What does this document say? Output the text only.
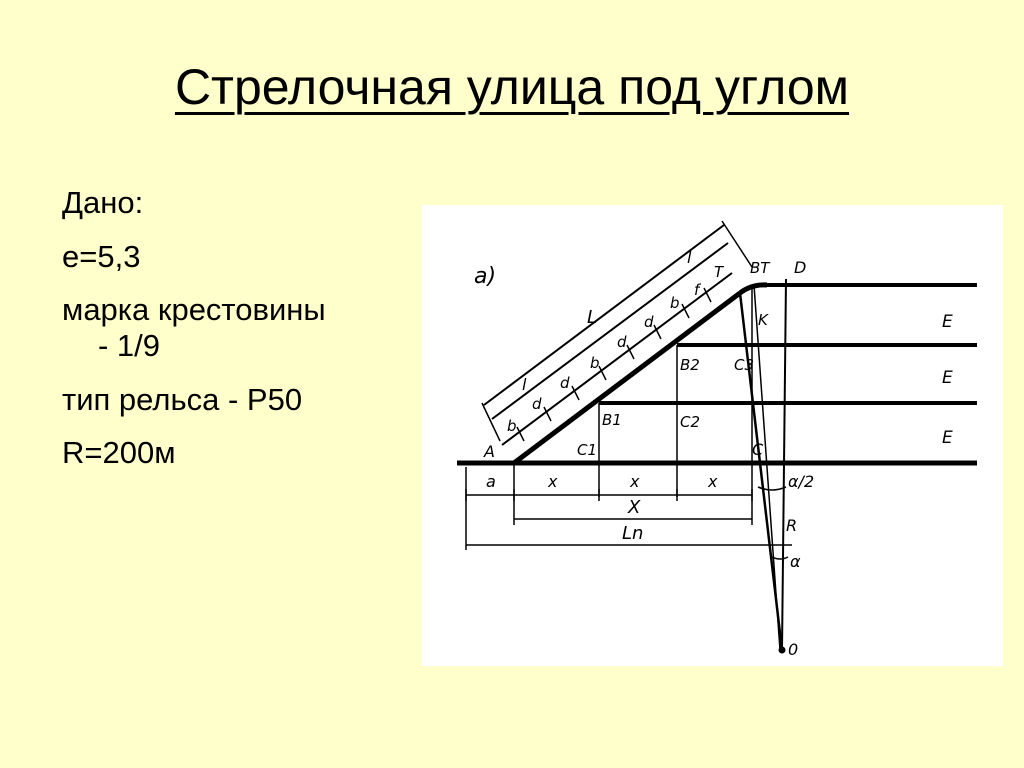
Стрелочная улица под углом
Дано:
е=5,3
марка крестовины
- 1/9
тип рельса - Р50
R=200м
а)
L
l
l
d
d
d
d
b
b
b
f
T
A
a
C1
B1	C2
B2 C3
C
BT D
K
x	x	x
X
Ln
α/2
R
α
0
E
E
E
